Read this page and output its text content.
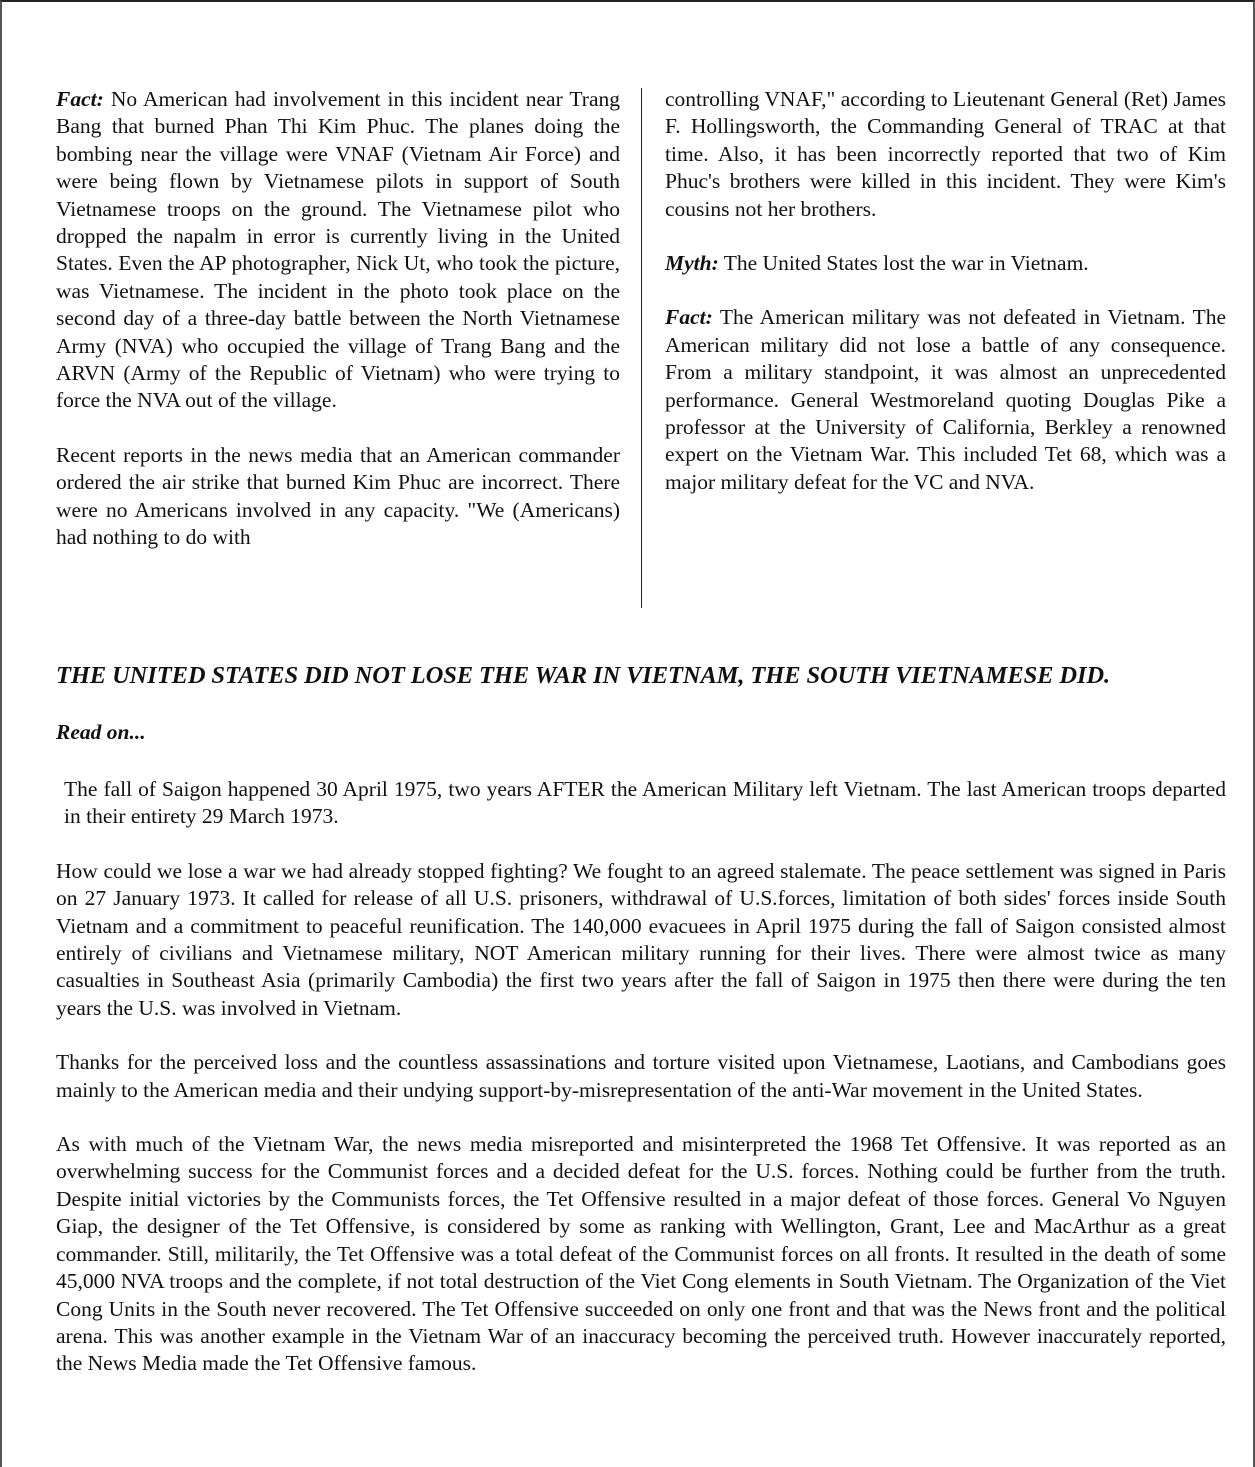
Fact: No American had involvement in this incident near Trang Bang that burned Phan Thi Kim Phuc. The planes doing the bombing near the village were VNAF (Vietnam Air Force) and were being flown by Vietnamese pilots in support of South Vietnamese troops on the ground. The Vietnamese pilot who dropped the napalm in error is currently living in the United States. Even the AP photographer, Nick Ut, who took the picture, was Vietnamese. The incident in the photo took place on the second day of a three-day battle between the North Vietnamese Army (NVA) who occupied the village of Trang Bang and the ARVN (Army of the Republic of Vietnam) who were trying to force the NVA out of the village.

Recent reports in the news media that an American commander ordered the air strike that burned Kim Phuc are incorrect. There were no Americans involved in any capacity. "We (Americans) had nothing to do with

controlling VNAF," according to Lieutenant General (Ret) James F. Hollingsworth, the Commanding General of TRAC at that time. Also, it has been incorrectly reported that two of Kim Phuc's brothers were killed in this incident. They were Kim's cousins not her brothers.

Myth: The United States lost the war in Vietnam.

Fact: The American military was not defeated in Vietnam. The American military did not lose a battle of any consequence. From a military standpoint, it was almost an unprecedented performance. General Westmoreland quoting Douglas Pike a professor at the University of California, Berkley a renowned expert on the Vietnam War. This included Tet 68, which was a major military defeat for the VC and NVA.

THE UNITED STATES DID NOT LOSE THE WAR IN VIETNAM, THE SOUTH VIETNAMESE DID.
Read on...

The fall of Saigon happened 30 April 1975, two years AFTER the American Military left Vietnam. The last American troops departed in their entirety 29 March 1973.

How could we lose a war we had already stopped fighting? We fought to an agreed stalemate. The peace settlement was signed in Paris on 27 January 1973. It called for release of all U.S. prisoners, withdrawal of U.S.forces, limitation of both sides' forces inside South Vietnam and a commitment to peaceful reunification. The 140,000 evacuees in April 1975 during the fall of Saigon consisted almost entirely of civilians and Vietnamese military, NOT American military running for their lives. There were almost twice as many casualties in Southeast Asia (primarily Cambodia) the first two years after the fall of Saigon in 1975 then there were during the ten years the U.S. was involved in Vietnam.

Thanks for the perceived loss and the countless assassinations and torture visited upon Vietnamese, Laotians, and Cambodians goes mainly to the American media and their undying support-by-misrepresentation of the anti-War movement in the United States.

As with much of the Vietnam War, the news media misreported and misinterpreted the 1968 Tet Offensive. It was reported as an overwhelming success for the Communist forces and a decided defeat for the U.S. forces. Nothing could be further from the truth. Despite initial victories by the Communists forces, the Tet Offensive resulted in a major defeat of those forces. General Vo Nguyen Giap, the designer of the Tet Offensive, is considered by some as ranking with Wellington, Grant, Lee and MacArthur as a great commander. Still, militarily, the Tet Offensive was a total defeat of the Communist forces on all fronts. It resulted in the death of some 45,000 NVA troops and the complete, if not total destruction of the Viet Cong elements in South Vietnam. The Organization of the Viet Cong Units in the South never recovered. The Tet Offensive succeeded on only one front and that was the News front and the political arena. This was another example in the Vietnam War of an inaccuracy becoming the perceived truth. However inaccurately reported, the News Media made the Tet Offensive famous.
